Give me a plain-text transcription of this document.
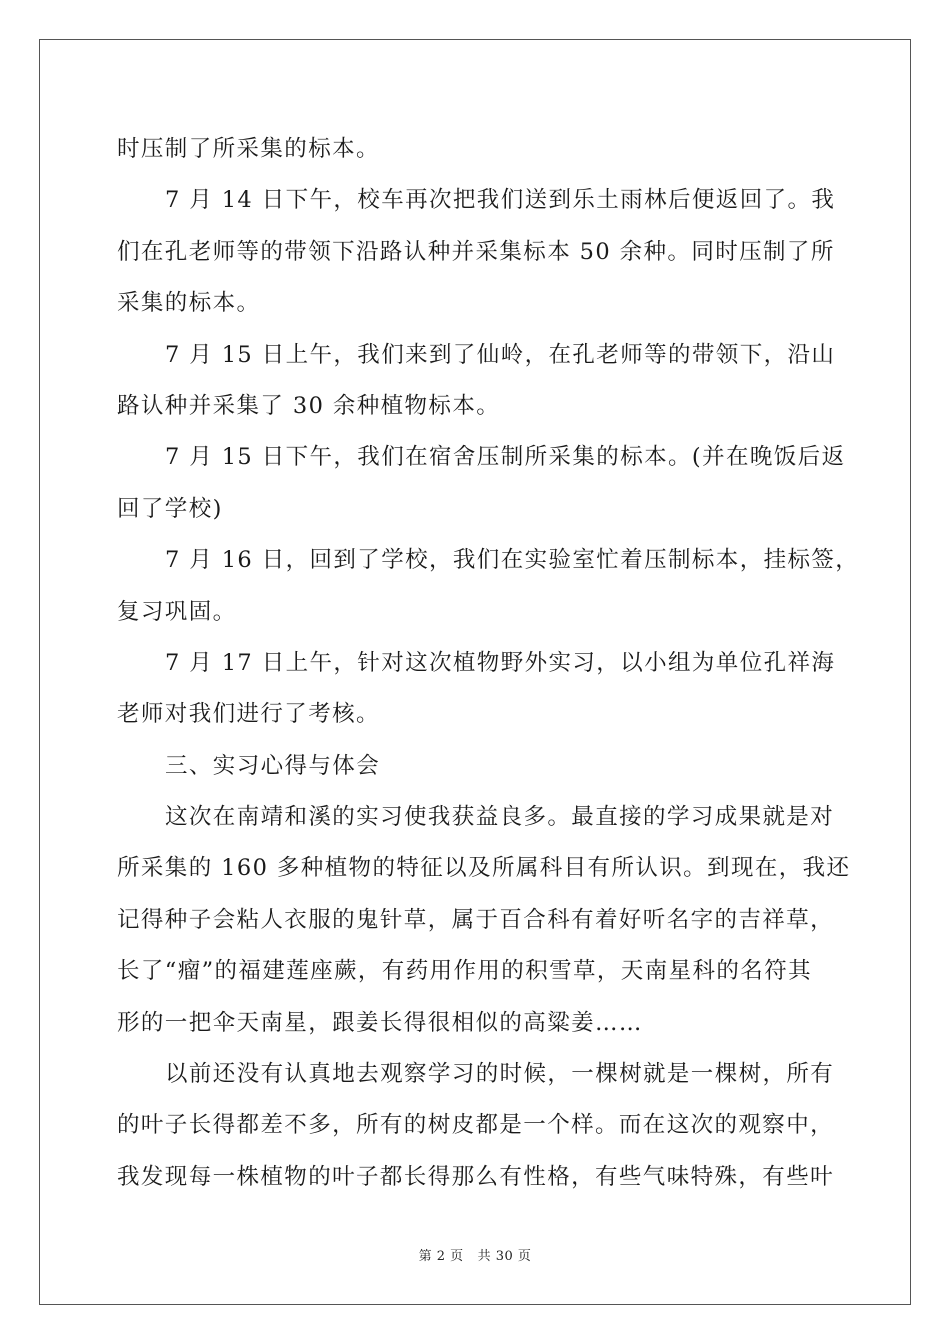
时压制了所采集的标本。
7 月 14 日下午，校车再次把我们送到乐土雨林后便返回了。我
们在孔老师等的带领下沿路认种并采集标本 50 余种。同时压制了所
采集的标本。
7 月 15 日上午，我们来到了仙岭，在孔老师等的带领下，沿山
路认种并采集了 30 余种植物标本。
7 月 15 日下午，我们在宿舍压制所采集的标本。(并在晚饭后返
回了学校)
7 月 16 日，回到了学校，我们在实验室忙着压制标本，挂标签，
复习巩固。
7 月 17 日上午，针对这次植物野外实习，以小组为单位孔祥海
老师对我们进行了考核。
三、实习心得与体会
这次在南靖和溪的实习使我获益良多。最直接的学习成果就是对
所采集的 160 多种植物的特征以及所属科目有所认识。到现在，我还
记得种子会粘人衣服的鬼针草，属于百合科有着好听名字的吉祥草，
长了“瘤”的福建莲座蕨，有药用作用的积雪草，天南星科的名符其
形的一把伞天南星，跟姜长得很相似的高粱姜……
以前还没有认真地去观察学习的时候，一棵树就是一棵树，所有
的叶子长得都差不多，所有的树皮都是一个样。而在这次的观察中，
我发现每一株植物的叶子都长得那么有性格，有些气味特殊，有些叶
第 2 页 共 30 页
